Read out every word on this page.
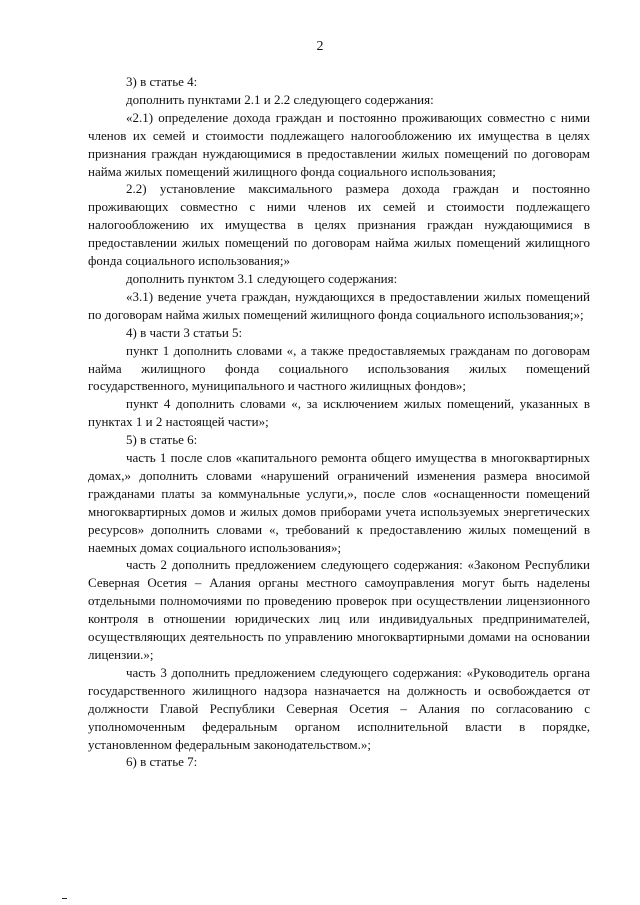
2

3) в статье 4:

дополнить пунктами 2.1 и 2.2 следующего содержания:

«2.1) определение дохода граждан и постоянно проживающих совместно с ними членов их семей и стоимости подлежащего налогообложению их имущества в целях признания граждан нуждающимися в предоставлении жилых помещений по договорам найма жилых помещений жилищного фонда социального использования;

2.2) установление максимального размера дохода граждан и постоянно проживающих совместно с ними членов их семей и стоимости подлежащего налогообложению их имущества в целях признания граждан нуждающимися в предоставлении жилых помещений по договорам найма жилых помещений жилищного фонда социального использования;»

дополнить пунктом 3.1 следующего содержания:

«3.1) ведение учета граждан, нуждающихся в предоставлении жилых помещений по договорам найма жилых помещений жилищного фонда социального использования;»;

4) в части 3 статьи 5:

пункт 1 дополнить словами «, а также предоставляемых гражданам по договорам найма жилищного фонда социального использования жилых помещений государственного, муниципального и частного жилищных фондов»;

пункт 4 дополнить словами «, за исключением жилых помещений, указанных в пунктах 1 и 2 настоящей части»;

5) в статье 6:

часть 1 после слов «капитального ремонта общего имущества в многоквартирных домах,» дополнить словами «нарушений ограничений изменения размера вносимой гражданами платы за коммунальные услуги,», после слов «оснащенности помещений многоквартирных домов и жилых домов приборами учета используемых энергетических ресурсов» дополнить словами «, требований к предоставлению жилых помещений в наемных домах социального использования»;

часть 2 дополнить предложением следующего содержания: «Законом Республики Северная Осетия – Алания органы местного самоуправления могут быть наделены отдельными полномочиями по проведению проверок при осуществлении лицензионного контроля в отношении юридических лиц или индивидуальных предпринимателей, осуществляющих деятельность по управлению многоквартирными домами на основании лицензии.»;

часть 3 дополнить предложением следующего содержания: «Руководитель органа государственного жилищного надзора назначается на должность и освобождается от должности Главой Республики Северная Осетия – Алания по согласованию с уполномоченным федеральным органом исполнительной власти в порядке, установленном федеральным законодательством.»;

6) в статье 7:
